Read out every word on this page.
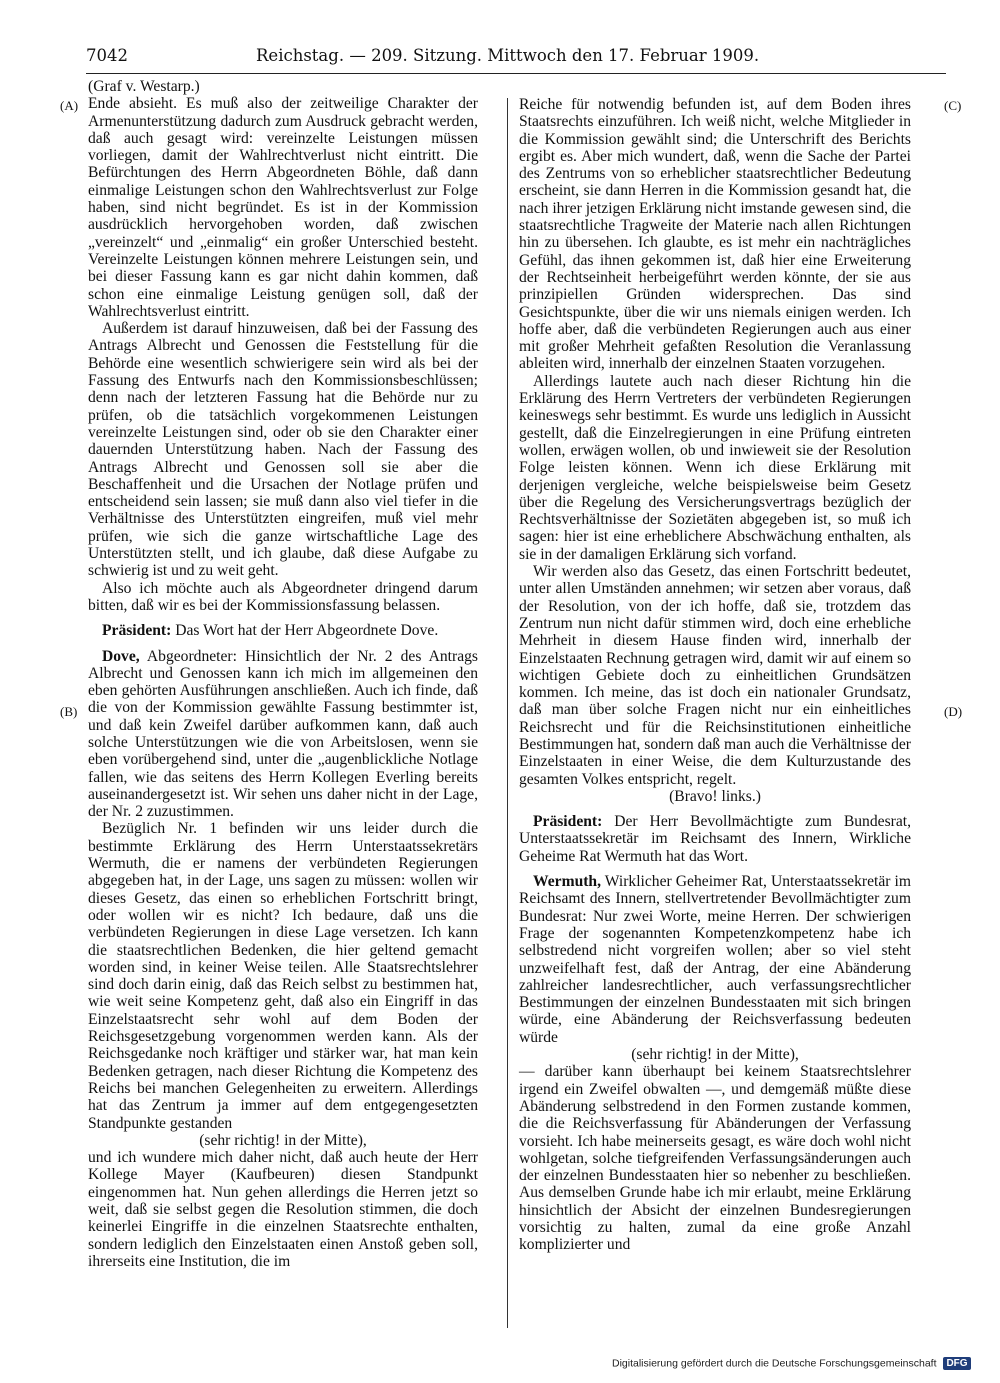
7042	Reichstag. — 209. Sitzung. Mittwoch den 17. Februar 1909.
(A)
(B)
(C)
(D)

(Graf v. Westarp.)

Ende absieht. Es muß also der zeitweilige Charakter der Armenunterstützung dadurch zum Ausdruck gebracht werden, daß auch gesagt wird: vereinzelte Leistungen müssen vorliegen, damit der Wahlrechtverlust nicht eintritt. Die Befürchtungen des Herrn Abgeordneten Böhle, daß dann einmalige Leistungen schon den Wahlrechtsverlust zur Folge haben, sind nicht begründet. Es ist in der Kommission ausdrücklich hervorgehoben worden, daß zwischen „vereinzelt“ und „einmalig“ ein großer Unterschied besteht. Vereinzelte Leistungen können mehrere Leistungen sein, und bei dieser Fassung kann es gar nicht dahin kommen, daß schon eine einmalige Leistung genügen soll, daß der Wahlrechtsverlust eintritt.

Außerdem ist darauf hinzuweisen, daß bei der Fassung des Antrags Albrecht und Genossen die Feststellung für die Behörde eine wesentlich schwierigere sein wird als bei der Fassung des Entwurfs nach den Kommissionsbeschlüssen; denn nach der letzteren Fassung hat die Behörde nur zu prüfen, ob die tatsächlich vorgekommenen Leistungen vereinzelte Leistungen sind, oder ob sie den Charakter einer dauernden Unterstützung haben. Nach der Fassung des Antrags Albrecht und Genossen soll sie aber die Beschaffenheit und die Ursachen der Notlage prüfen und entscheidend sein lassen; sie muß dann also viel tiefer in die Verhältnisse des Unterstützten eingreifen, muß viel mehr prüfen, wie sich die ganze wirtschaftliche Lage des Unterstützten stellt, und ich glaube, daß diese Aufgabe zu schwierig ist und zu weit geht.

Also ich möchte auch als Abgeordneter dringend darum bitten, daß wir es bei der Kommissionsfassung belassen.

Präsident: Das Wort hat der Herr Abgeordnete Dove.

Dove, Abgeordneter: Hinsichtlich der Nr. 2 des Antrags Albrecht und Genossen kann ich mich im allgemeinen den eben gehörten Ausführungen anschließen. Auch ich finde, daß die von der Kommission gewählte Fassung bestimmter ist, und daß kein Zweifel darüber aufkommen kann, daß auch solche Unterstützungen wie die von Arbeitslosen, wenn sie eben vorübergehend sind, unter die „augenblickliche Notlage fallen, wie das seitens des Herrn Kollegen Everling bereits auseinandergesetzt ist. Wir sehen uns daher nicht in der Lage, der Nr. 2 zuzustimmen.

Bezüglich Nr. 1 befinden wir uns leider durch die bestimmte Erklärung des Herrn Unterstaatssekretärs Wermuth, die er namens der verbündeten Regierungen abgegeben hat, in der Lage, uns sagen zu müssen: wollen wir dieses Gesetz, das einen so erheblichen Fortschritt bringt, oder wollen wir es nicht? Ich bedaure, daß uns die verbündeten Regierungen in diese Lage versetzen. Ich kann die staatsrechtlichen Bedenken, die hier geltend gemacht worden sind, in keiner Weise teilen. Alle Staatsrechtslehrer sind doch darin einig, daß das Reich selbst zu bestimmen hat, wie weit seine Kompetenz geht, daß also ein Eingriff in das Einzelstaatsrecht sehr wohl auf dem Boden der Reichsgesetzgebung vorgenommen werden kann. Als der Reichsgedanke noch kräftiger und stärker war, hat man kein Bedenken getragen, nach dieser Richtung die Kompetenz des Reichs bei manchen Gelegenheiten zu erweitern. Allerdings hat das Zentrum ja immer auf dem entgegengesetzten Standpunkte gestanden

(sehr richtig! in der Mitte),

und ich wundere mich daher nicht, daß auch heute der Herr Kollege Mayer (Kaufbeuren) diesen Standpunkt eingenommen hat. Nun gehen allerdings die Herren jetzt so weit, daß sie selbst gegen die Resolution stimmen, die doch keinerlei Eingriffe in die einzelnen Staatsrechte enthalten, sondern lediglich den Einzelstaaten einen Anstoß geben soll, ihrerseits eine Institution, die im

Reiche für notwendig befunden ist, auf dem Boden ihres Staatsrechts einzuführen. Ich weiß nicht, welche Mitglieder in die Kommission gewählt sind; die Unterschrift des Berichts ergibt es. Aber mich wundert, daß, wenn die Sache der Partei des Zentrums von so erheblicher staatsrechtlicher Bedeutung erscheint, sie dann Herren in die Kommission gesandt hat, die nach ihrer jetzigen Erklärung nicht imstande gewesen sind, die staatsrechtliche Tragweite der Materie nach allen Richtungen hin zu übersehen. Ich glaubte, es ist mehr ein nachträgliches Gefühl, das ihnen gekommen ist, daß hier eine Erweiterung der Rechtseinheit herbeigeführt werden könnte, der sie aus prinzipiellen Gründen widersprechen. Das sind Gesichtspunkte, über die wir uns niemals einigen werden. Ich hoffe aber, daß die verbündeten Regierungen auch aus einer mit großer Mehrheit gefaßten Resolution die Veranlassung ableiten wird, innerhalb der einzelnen Staaten vorzugehen.

Allerdings lautete auch nach dieser Richtung hin die Erklärung des Herrn Vertreters der verbündeten Regierungen keineswegs sehr bestimmt. Es wurde uns lediglich in Aussicht gestellt, daß die Einzelregierungen in eine Prüfung eintreten wollen, erwägen wollen, ob und inwieweit sie der Resolution Folge leisten können. Wenn ich diese Erklärung mit derjenigen vergleiche, welche beispielsweise beim Gesetz über die Regelung des Versicherungsvertrags bezüglich der Rechtsverhältnisse der Sozietäten abgegeben ist, so muß ich sagen: hier ist eine erheblichere Abschwächung enthalten, als sie in der damaligen Erklärung sich vorfand.

Wir werden also das Gesetz, das einen Fortschritt bedeutet, unter allen Umständen annehmen; wir setzen aber voraus, daß der Resolution, von der ich hoffe, daß sie, trotzdem das Zentrum nun nicht dafür stimmen wird, doch eine erhebliche Mehrheit in diesem Hause finden wird, innerhalb der Einzelstaaten Rechnung getragen wird, damit wir auf einem so wichtigen Gebiete doch zu einheitlichen Grundsätzen kommen. Ich meine, das ist doch ein nationaler Grundsatz, daß man über solche Fragen nicht nur ein einheitliches Reichsrecht und für die Reichsinstitutionen einheitliche Bestimmungen hat, sondern daß man auch die Verhältnisse der Einzelstaaten in einer Weise, die dem Kulturzustande des gesamten Volkes entspricht, regelt.

(Bravo! links.)

Präsident: Der Herr Bevollmächtigte zum Bundesrat, Unterstaatssekretär im Reichsamt des Innern, Wirkliche Geheime Rat Wermuth hat das Wort.

Wermuth, Wirklicher Geheimer Rat, Unterstaatssekretär im Reichsamt des Innern, stellvertretender Bevollmächtigter zum Bundesrat: Nur zwei Worte, meine Herren. Der schwierigen Frage der sogenannten Kompetenzkompetenz habe ich selbstredend nicht vorgreifen wollen; aber so viel steht unzweifelhaft fest, daß der Antrag, der eine Abänderung zahlreicher landesrechtlicher, auch verfassungsrechtlicher Bestimmungen der einzelnen Bundesstaaten mit sich bringen würde, eine Abänderung der Reichsverfassung bedeuten würde

(sehr richtig! in der Mitte),

— darüber kann überhaupt bei keinem Staatsrechtslehrer irgend ein Zweifel obwalten —, und demgemäß müßte diese Abänderung selbstredend in den Formen zustande kommen, die die Reichsverfassung für Abänderungen der Verfassung vorsieht. Ich habe meinerseits gesagt, es wäre doch wohl nicht wohlgetan, solche tiefgreifenden Verfassungsänderungen auch der einzelnen Bundesstaaten hier so nebenher zu beschließen. Aus demselben Grunde habe ich mir erlaubt, meine Erklärung hinsichtlich der Absicht der einzelnen Bundesregierungen vorsichtig zu halten, zumal da eine große Anzahl komplizierter und

Digitalisierung gefördert durch die Deutsche Forschungsgemeinschaft DFG
